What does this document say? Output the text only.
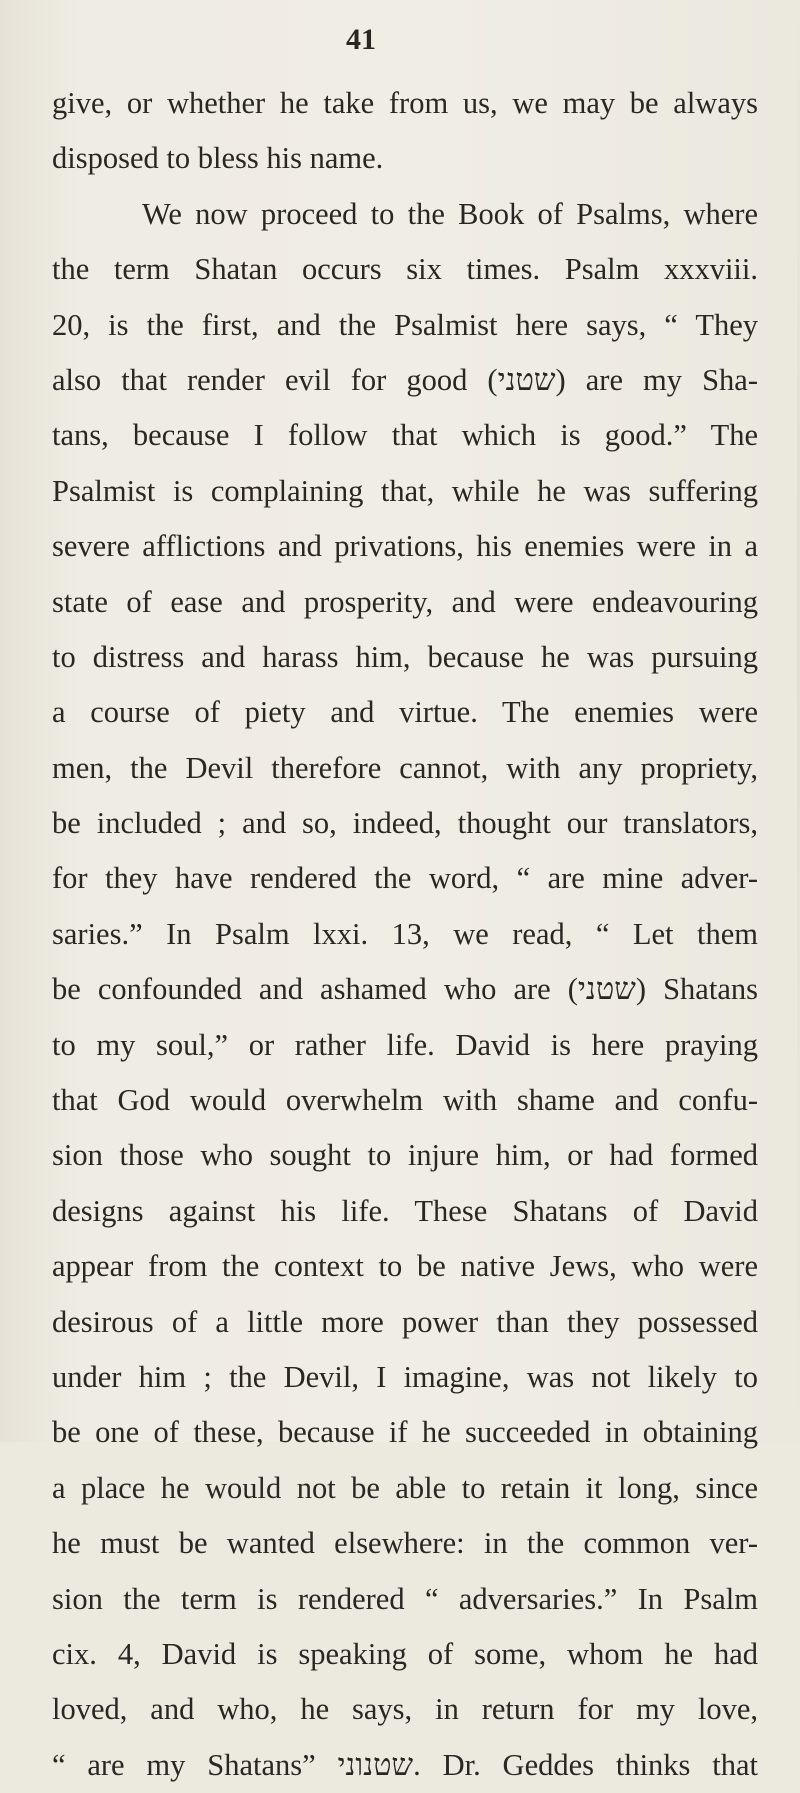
41
give, or whether he take from us, we may be always
disposed to bless his name.
We now proceed to the Book of Psalms, where
the term Shatan occurs six times. Psalm xxxviii.
20, is the first, and the Psalmist here says, “ They
also that render evil for good (שטני) are my Sha-
tans, because I follow that which is good.” The
Psalmist is complaining that, while he was suffering
severe afflictions and privations, his enemies were in a
state of ease and prosperity, and were endeavouring
to distress and harass him, because he was pursuing
a course of piety and virtue. The enemies were
men, the Devil therefore cannot, with any propriety,
be included ; and so, indeed, thought our translators,
for they have rendered the word, “ are mine adver-
saries.” In Psalm lxxi. 13, we read, “ Let them
be confounded and ashamed who are (שטני) Shatans
to my soul,” or rather life. David is here praying
that God would overwhelm with shame and confu-
sion those who sought to injure him, or had formed
designs against his life. These Shatans of David
appear from the context to be native Jews, who were
desirous of a little more power than they possessed
under him ; the Devil, I imagine, was not likely to
be one of these, because if he succeeded in obtaining
a place he would not be able to retain it long, since
he must be wanted elsewhere: in the common ver-
sion the term is rendered “ adversaries.” In Psalm
cix. 4, David is speaking of some, whom he had
loved, and who, he says, in return for my love,
“ are my Shatans” שטנוני. Dr. Geddes thinks that
